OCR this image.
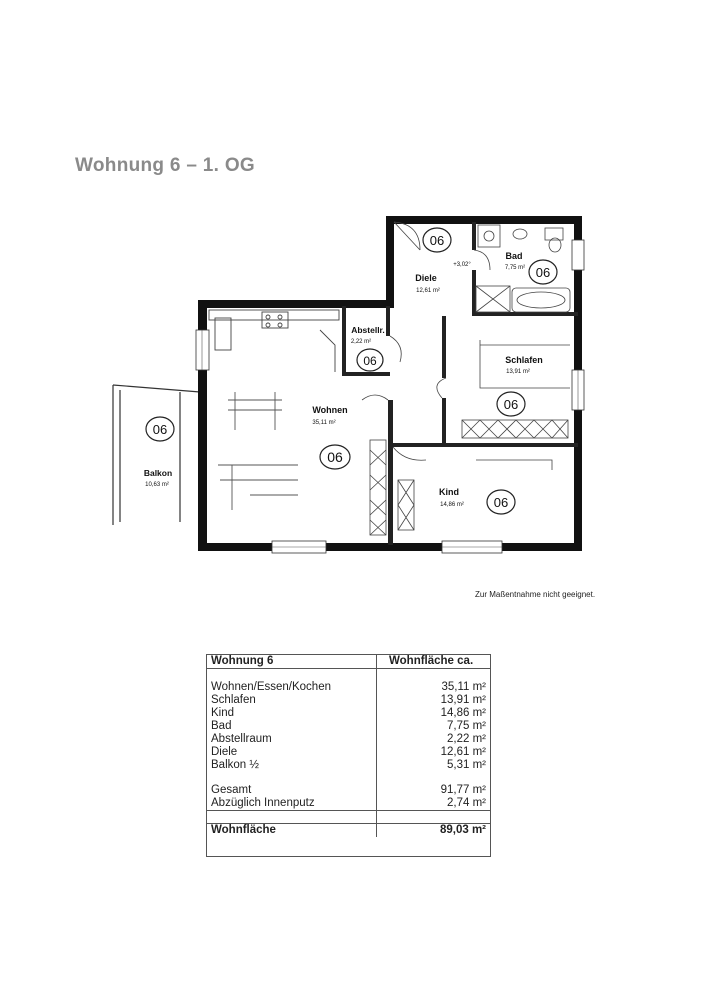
Wohnung 6 – 1. OG
06
06
06
06
06
06
06
Diele
12,61 m²
+3,02°
Bad
7,75 m²
Abstellr.
2,22 m²
Schlafen
13,91 m²
Wohnen
35,11 m²
Kind
14,86 m²
Balkon
10,63 m²
Zur Maßentnahme nicht geeignet.
Wohnung 6	Wohnfläche ca.

Wohnen/Essen/Kochen	35,11 m²
Schlafen	13,91 m²
Kind	14,86 m²
Bad	7,75 m²
Abstellraum	2,22 m²
Diele	12,61 m²
Balkon ½	5,31 m²

Gesamt	91,77 m²
Abzüglich Innenputz	2,74 m²

Wohnfläche	89,03 m²
